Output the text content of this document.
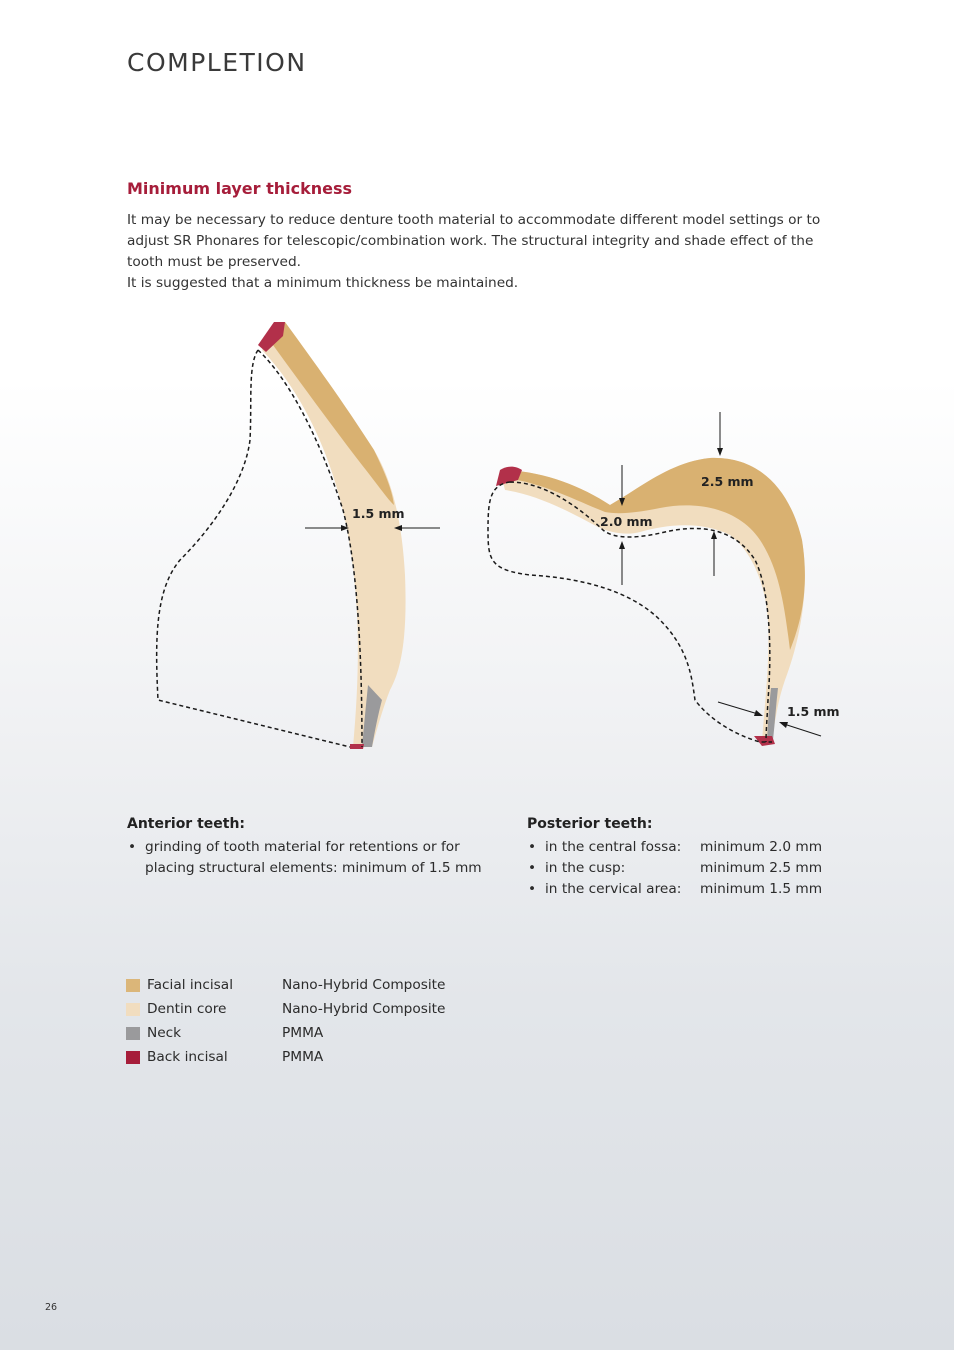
COMPLETION
Minimum layer thickness

It may be necessary to reduce denture tooth material to accommodate different model settings or to adjust SR Phonares for telescopic/combination work. The structural integrity and shade effect of the tooth must be preserved.

It is suggested that a minimum thickness be maintained.

1.5 mm
2.0 mm
2.5 mm
1.5 mm
Anterior teeth:
• grinding of tooth material for retentions or for placing structural elements: minimum of 1.5 mm
Posterior teeth:
• in the central fossa:	minimum 2.0 mm
• in the cusp:	minimum 2.5 mm
• in the cervical area:	minimum 1.5 mm
Facial incisal	Nano-Hybrid Composite
Dentin core	Nano-Hybrid Composite
Neck	PMMA
Back incisal	PMMA
26
